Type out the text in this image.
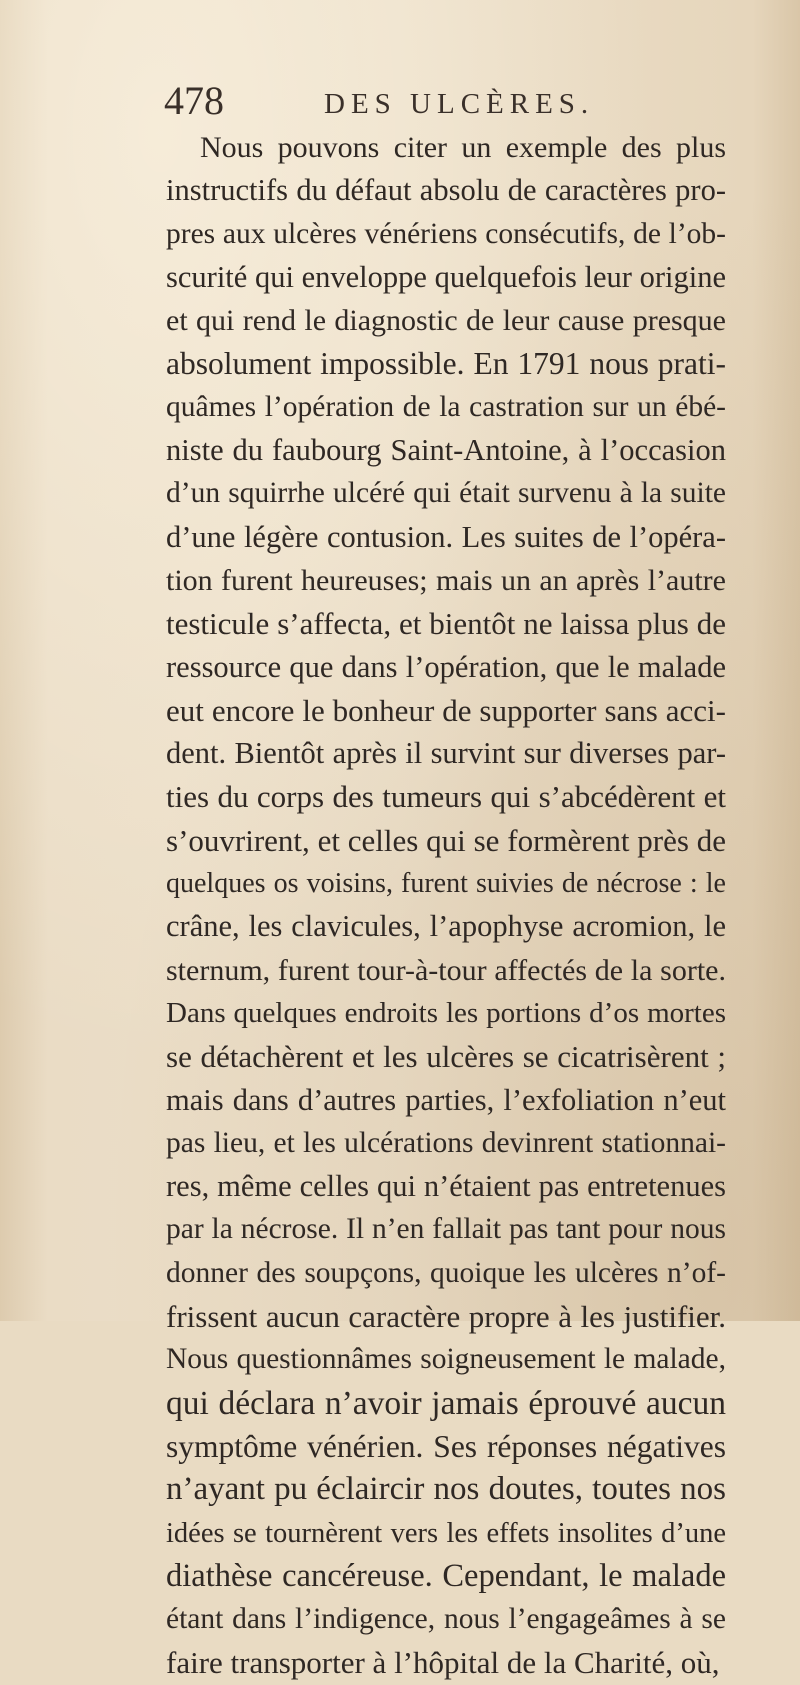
478	DES ULCÈRES.
Nous pouvons citer un exemple des plus
instructifs du défaut absolu de caractères pro-
pres aux ulcères vénériens consécutifs, de l’ob-
scurité qui enveloppe quelquefois leur origine
et qui rend le diagnostic de leur cause presque
absolument impossible. En 1791 nous prati-
quâmes l’opération de la castration sur un ébé-
niste du faubourg Saint-Antoine, à l’occasion
d’un squirrhe ulcéré qui était survenu à la suite
d’une légère contusion. Les suites de l’opéra-
tion furent heureuses; mais un an après l’autre
testicule s’affecta, et bientôt ne laissa plus de
ressource que dans l’opération, que le malade
eut encore le bonheur de supporter sans acci-
dent. Bientôt après il survint sur diverses par-
ties du corps des tumeurs qui s’abcédèrent et
s’ouvrirent, et celles qui se formèrent près de
quelques os voisins, furent suivies de nécrose : le
crâne, les clavicules, l’apophyse acromion, le
sternum, furent tour-à-tour affectés de la sorte.
Dans quelques endroits les portions d’os mortes
se détachèrent et les ulcères se cicatrisèrent ;
mais dans d’autres parties, l’exfoliation n’eut
pas lieu, et les ulcérations devinrent stationnai-
res, même celles qui n’étaient pas entretenues
par la nécrose. Il n’en fallait pas tant pour nous
donner des soupçons, quoique les ulcères n’of-
frissent aucun caractère propre à les justifier.
Nous questionnâmes soigneusement le malade,
qui déclara n’avoir jamais éprouvé aucun
symptôme vénérien. Ses réponses négatives
n’ayant pu éclaircir nos doutes, toutes nos
idées se tournèrent vers les effets insolites d’une
diathèse cancéreuse. Cependant, le malade
étant dans l’indigence, nous l’engageâmes à se
faire transporter à l’hôpital de la Charité, où,
